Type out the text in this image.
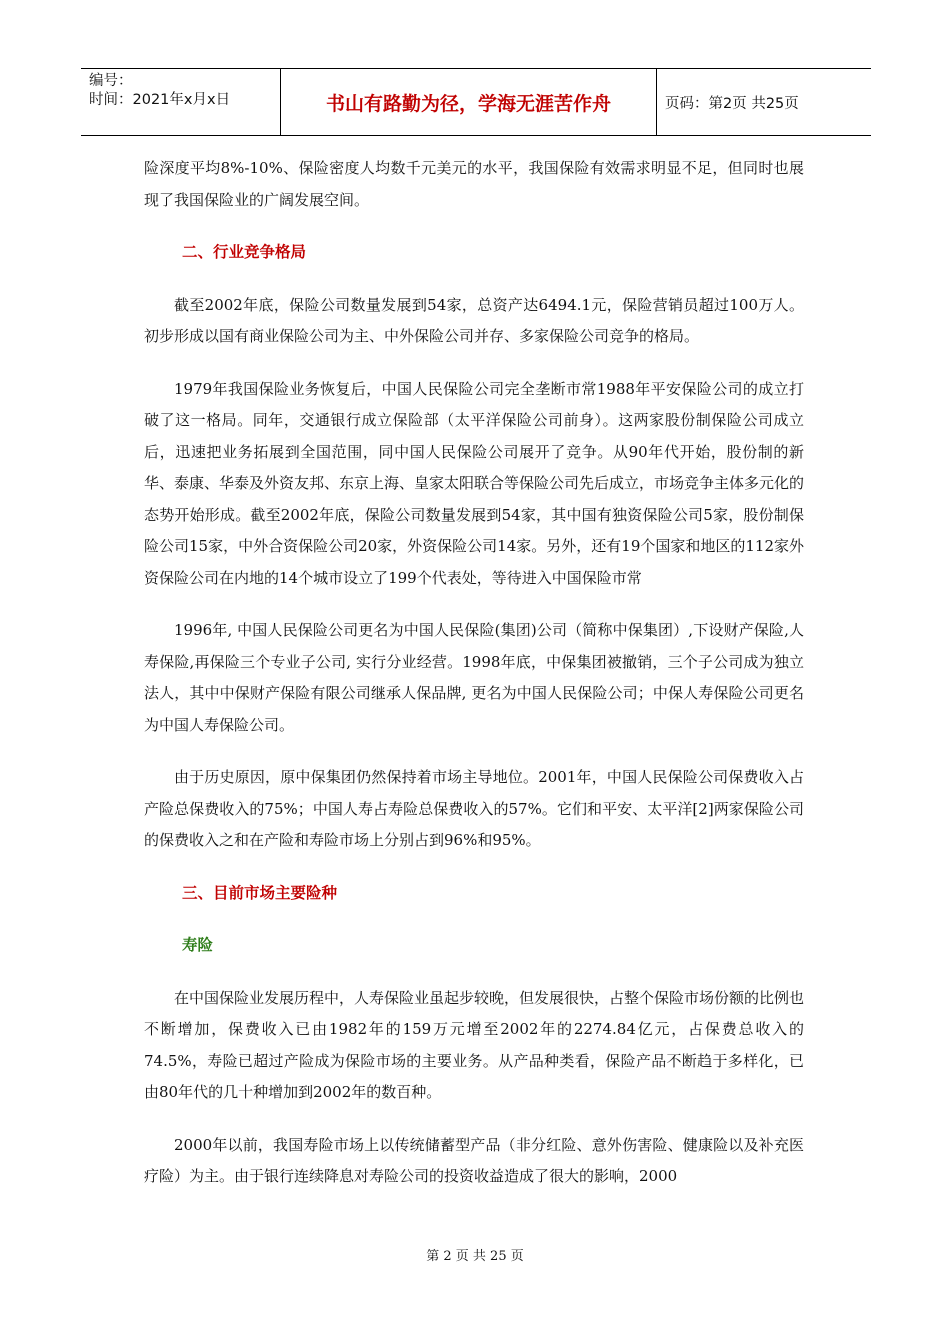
编号：
时间：2021年x月x日	书山有路勤为径，学海无涯苦作舟	页码：第2页 共25页

险深度平均8%-10%、保险密度人均数千元美元的水平，我国保险有效需求明显不足，但同时也展现了我国保险业的广阔发展空间。

二、行业竞争格局

截至2002年底，保险公司数量发展到54家，总资产达6494.1元，保险营销员超过100万人。初步形成以国有商业保险公司为主、中外保险公司并存、多家保险公司竞争的格局。

1979年我国保险业务恢复后，中国人民保险公司完全垄断市常1988年平安保险公司的成立打破了这一格局。同年，交通银行成立保险部（太平洋保险公司前身）。这两家股份制保险公司成立后，迅速把业务拓展到全国范围，同中国人民保险公司展开了竞争。从90年代开始，股份制的新华、泰康、华泰及外资友邦、东京上海、皇家太阳联合等保险公司先后成立，市场竞争主体多元化的态势开始形成。截至2002年底，保险公司数量发展到54家，其中国有独资保险公司5家，股份制保险公司15家，中外合资保险公司20家，外资保险公司14家。另外，还有19个国家和地区的112家外资保险公司在内地的14个城市设立了199个代表处，等待进入中国保险市常

1996年, 中国人民保险公司更名为中国人民保险(集团)公司（简称中保集团）,下设财产保险,人寿保险,再保险三个专业子公司, 实行分业经营。1998年底，中保集团被撤销，三个子公司成为独立法人，其中中保财产保险有限公司继承人保品牌, 更名为中国人民保险公司；中保人寿保险公司更名为中国人寿保险公司。

由于历史原因，原中保集团仍然保持着市场主导地位。2001年，中国人民保险公司保费收入占产险总保费收入的75%；中国人寿占寿险总保费收入的57%。它们和平安、太平洋[2]两家保险公司的保费收入之和在产险和寿险市场上分别占到96%和95%。

三、目前市场主要险种
寿险

在中国保险业发展历程中，人寿保险业虽起步较晚，但发展很快，占整个保险市场份额的比例也不断增加，保费收入已由1982年的159万元增至2002年的2274.84亿元，占保费总收入的74.5%，寿险已超过产险成为保险市场的主要业务。从产品种类看，保险产品不断趋于多样化，已由80年代的几十种增加到2002年的数百种。

2000年以前，我国寿险市场上以传统储蓄型产品（非分红险、意外伤害险、健康险以及补充医疗险）为主。由于银行连续降息对寿险公司的投资收益造成了很大的影响，2000

第 2 页 共 25 页
